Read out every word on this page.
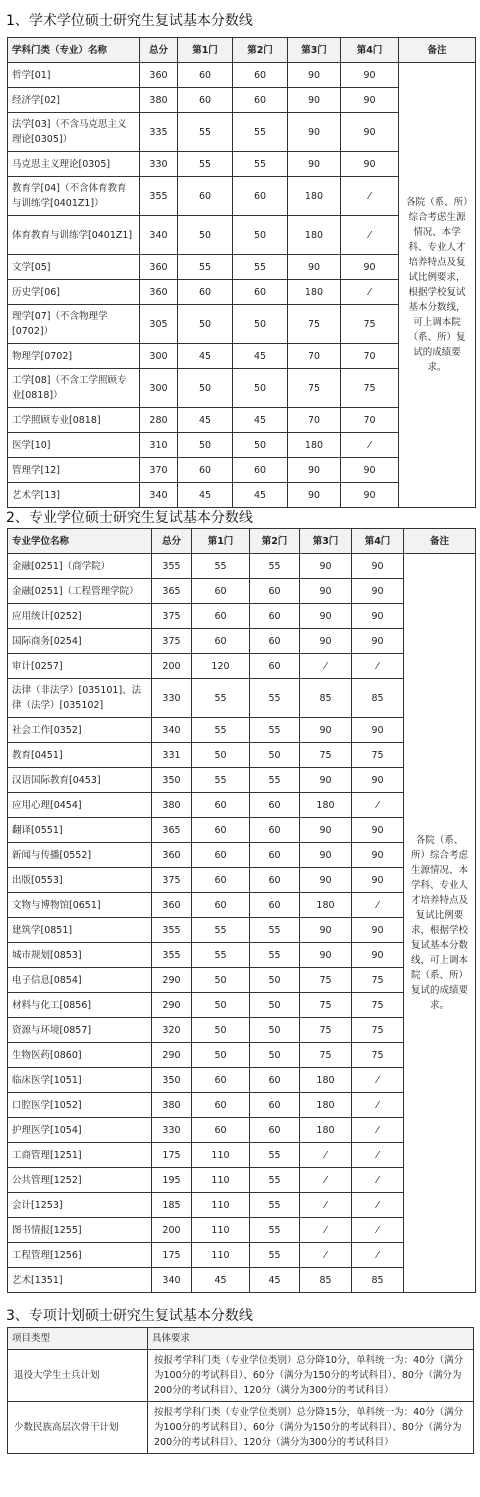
1、学术学位硕士研究生复试基本分数线
学科门类（专业）名称	总分	第1门	第2门	第3门	第4门	备注
哲学[01]	360	60	60	90	90	各院（系、所）综合考虑生源情况、本学科、专业人才培养特点及复试比例要求，根据学校复试基本分数线，可上调本院（系、所）复试的成绩要求。
经济学[02]	380	60	60	90	90	
法学[03]（不含马克思主义理论[0305]）	335	55	55	90	90	
马克思主义理论[0305]	330	55	55	90	90	
教育学[04]（不含体育教育与训练学[0401Z1]）	355	60	60	180	⁄	
体育教育与训练学[0401Z1]	340	50	50	180	⁄	
文学[05]	360	55	55	90	90	
历史学[06]	360	60	60	180	⁄	
理学[07]（不含物理学[0702]）	305	50	50	75	75	
物理学[0702]	300	45	45	70	70	
工学[08]（不含工学照顾专业[0818]）	300	50	50	75	75	
工学照顾专业[0818]	280	45	45	70	70	
医学[10]	310	50	50	180	⁄	
管理学[12]	370	60	60	90	90	
艺术学[13]	340	45	45	90	90	
2、专业学位硕士研究生复试基本分数线
专业学位名称	总分	第1门	第2门	第3门	第4门	备注
金融[0251]（商学院）	355	55	55	90	90	各院（系、所）综合考虑生源情况、本学科、专业人才培养特点及复试比例要求，根据学校复试基本分数线，可上调本院（系、所）复试的成绩要求。
金融[0251]（工程管理学院）	365	60	60	90	90	
应用统计[0252]	375	60	60	90	90	
国际商务[0254]	375	60	60	90	90	
审计[0257]	200	120	60	⁄	⁄	
法律（非法学）[035101]、法律（法学）[035102]	330	55	55	85	85	
社会工作[0352]	340	55	55	90	90	
教育[0451]	331	50	50	75	75	
汉语国际教育[0453]	350	55	55	90	90	
应用心理[0454]	380	60	60	180	⁄	
翻译[0551]	365	60	60	90	90	
新闻与传播[0552]	360	60	60	90	90	
出版[0553]	375	60	60	90	90	
文物与博物馆[0651]	360	60	60	180	⁄	
建筑学[0851]	355	55	55	90	90	
城市规划[0853]	355	55	55	90	90	
电子信息[0854]	290	50	50	75	75	
材料与化工[0856]	290	50	50	75	75	
资源与环境[0857]	320	50	50	75	75	
生物医药[0860]	290	50	50	75	75	
临床医学[1051]	350	60	60	180	⁄	
口腔医学[1052]	380	60	60	180	⁄	
护理医学[1054]	330	60	60	180	⁄	
工商管理[1251]	175	110	55	⁄	⁄	
公共管理[1252]	195	110	55	⁄	⁄	
会计[1253]	185	110	55	⁄	⁄	
图书情报[1255]	200	110	55	⁄	⁄	
工程管理[1256]	175	110	55	⁄	⁄	
艺术[1351]	340	45	45	85	85	
3、专项计划硕士研究生复试基本分数线
项目类型	具体要求
退役大学生士兵计划	按报考学科门类（专业学位类别）总分降10分，单科统一为：40分（满分为100分的考试科目）、60分（满分为150分的考试科目）、80分（满分为200分的考试科目）、120分（满分为300分的考试科目）
少数民族高层次骨干计划	按报考学科门类（专业学位类别）总分降15分，单科统一为：40分（满分为100分的考试科目）、60分（满分为150分的考试科目）、80分（满分为200分的考试科目）、120分（满分为300分的考试科目）
